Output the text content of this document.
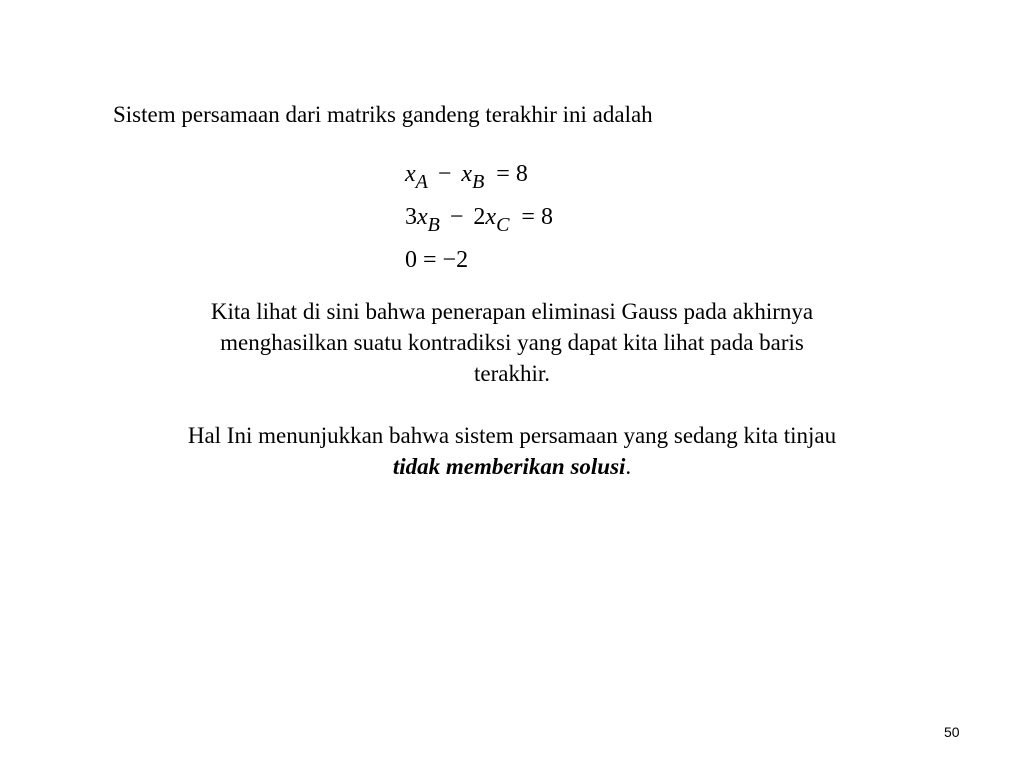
Sistem persamaan dari matriks gandeng terakhir ini adalah
$x_A - x_B = 8$
$3x_B - 2x_C = 8$
0 = −2
Kita lihat di sini bahwa penerapan eliminasi Gauss pada akhirnya
menghasilkan suatu kontradiksi yang dapat kita lihat pada baris
terakhir.
Hal Ini menunjukkan bahwa sistem persamaan yang sedang kita tinjau
tidak memberikan solusi.
50
